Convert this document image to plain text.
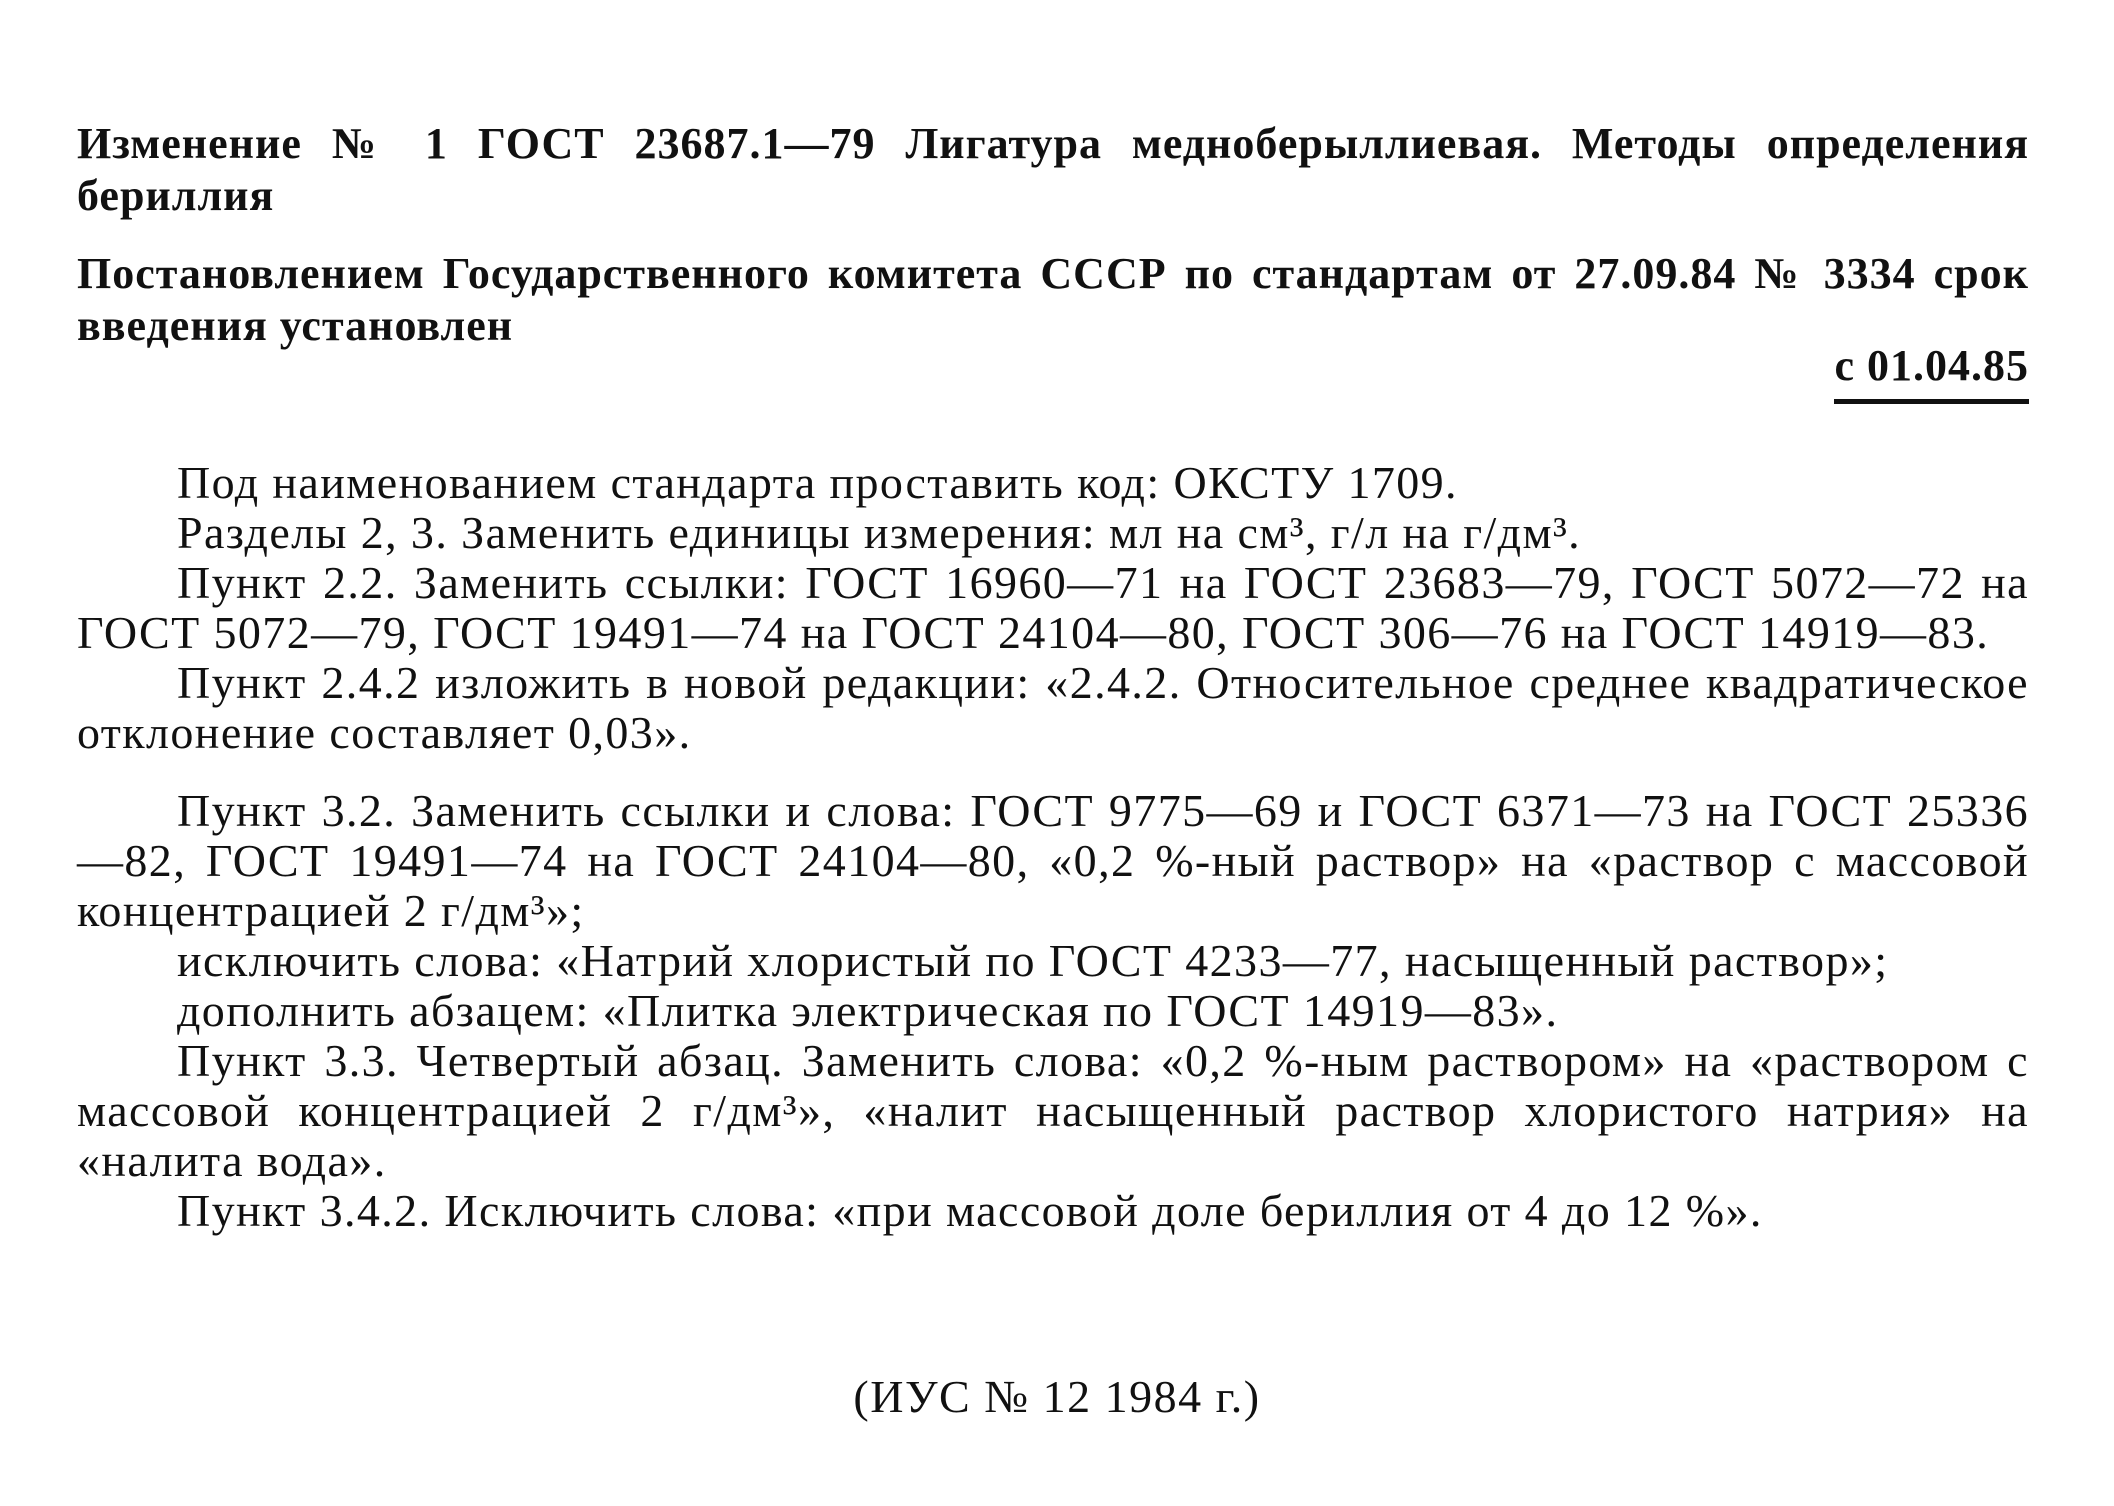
Изменение № 1 ГОСТ 23687.1—79 Лигатура медноберыллиевая. Методы определения бериллия

Постановлением Государственного комитета СССР по стандартам от 27.09.84 № 3334 срок введения установлен

с 01.04.85

Под наименованием стандарта проставить код: ОКСТУ 1709.

Разделы 2, 3. Заменить единицы измерения: мл на см³, г/л на г/дм³.

Пункт 2.2. Заменить ссылки: ГОСТ 16960—71 на ГОСТ 23683—79, ГОСТ 5072—72 на ГОСТ 5072—79, ГОСТ 19491—74 на ГОСТ 24104—80, ГОСТ 306—76 на ГОСТ 14919—83.

Пункт 2.4.2 изложить в новой редакции: «2.4.2. Относительное среднее квадратическое отклонение составляет 0,03».

Пункт 3.2. Заменить ссылки и слова: ГОСТ 9775—69 и ГОСТ 6371—73 на ГОСТ 25336—82, ГОСТ 19491—74 на ГОСТ 24104—80, «0,2 %-ный раствор» на «раствор с массовой концентрацией 2 г/дм³»;

исключить слова: «Натрий хлористый по ГОСТ 4233—77, насыщенный раствор»;

дополнить абзацем: «Плитка электрическая по ГОСТ 14919—83».

Пункт 3.3. Четвертый абзац. Заменить слова: «0,2 %-ным раствором» на «раствором с массовой концентрацией 2 г/дм³», «налит насыщенный раствор хлористого натрия» на «налита вода».

Пункт 3.4.2. Исключить слова: «при массовой доле бериллия от 4 до 12 %».

(ИУС № 12 1984 г.)
